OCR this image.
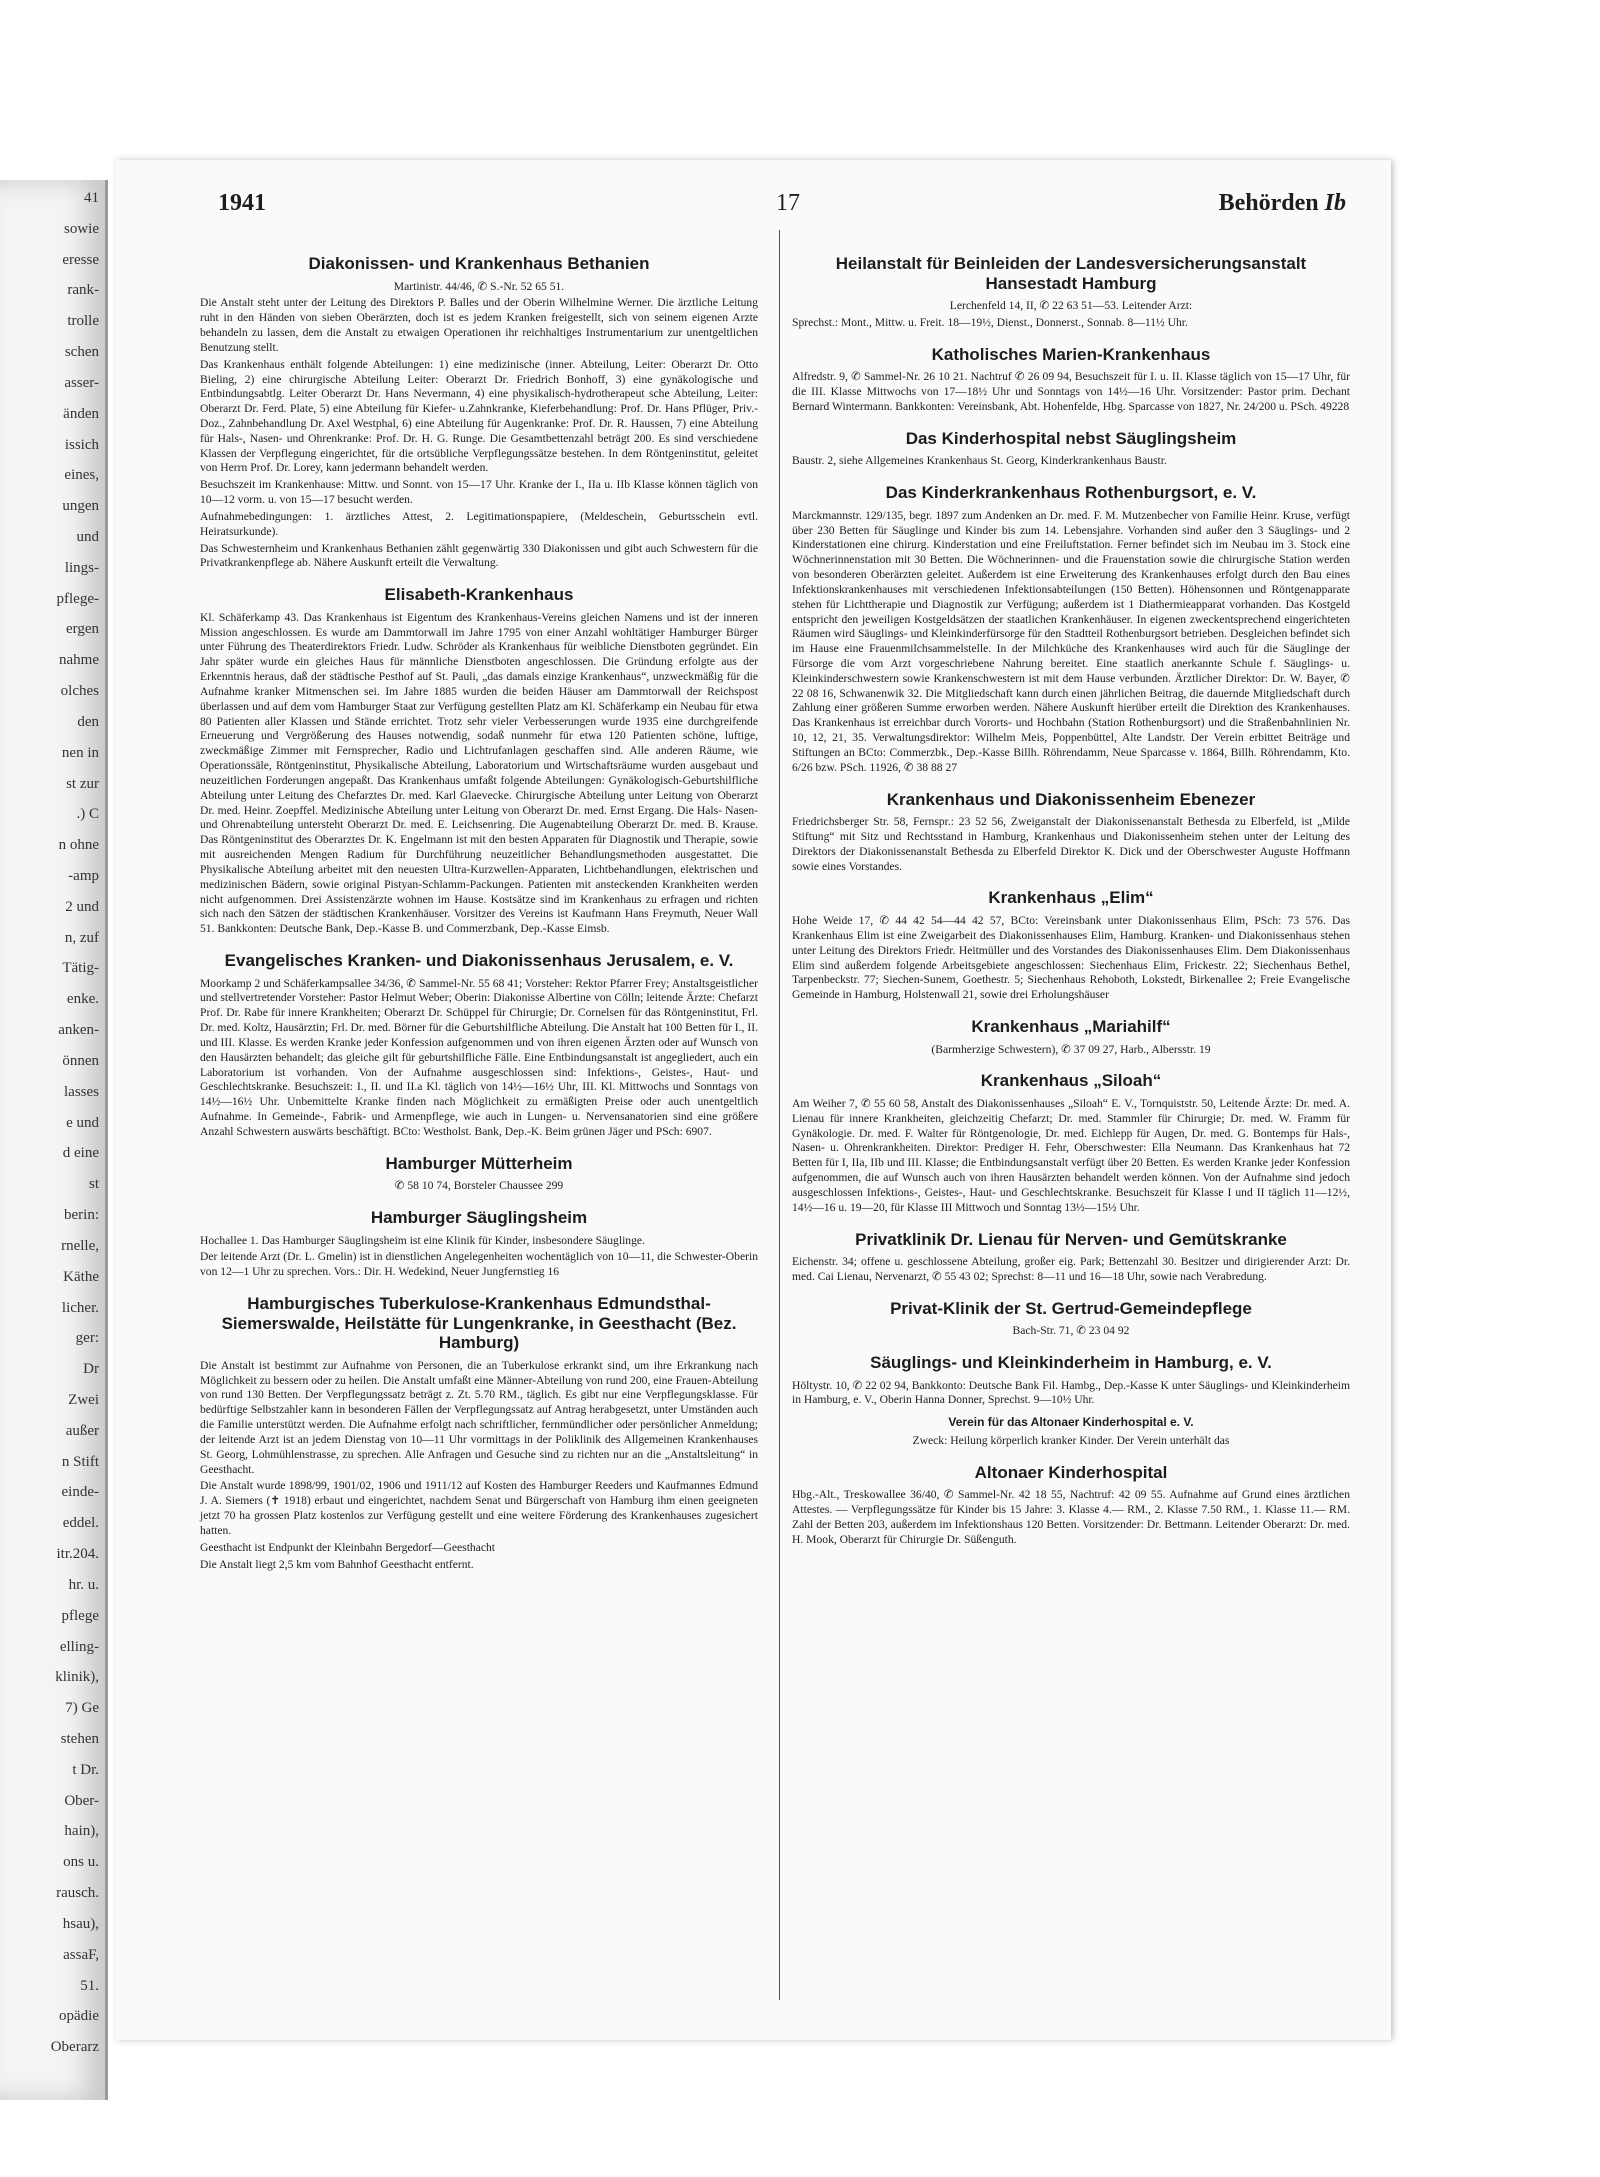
41
sowie
eresse
rank-
trolle
schen
asser-
änden
issich
eines,
ungen
und
lings-
pflege-
ergen
nahme
olches
den
nen in
st zur
.) C
n ohne
-amp
2 und
n, zuf
Tätig-
enke.
anken-
önnen
lasses
e und
d eine
st
berin:
rnelle,
Käthe
licher.
ger:
Dr
Zwei
außer
n Stift
einde-
eddel.
itr.204.
hr. u.
pflege
elling-
klinik),
7) Ge
stehen
t Dr.
Ober-
hain),
ons u.
rausch.
hsau),
assaF,
51.
opädie
Oberarz
1941	17	Behörden Ib
Diakonissen- und Krankenhaus Bethanien
Martinistr. 44/46, ✆ S.-Nr. 52 65 51.

Die Anstalt steht unter der Leitung des Direktors P. Balles und der Oberin Wilhelmine Werner. Die ärztliche Leitung ruht in den Händen von sieben Oberärzten, doch ist es jedem Kranken freigestellt, sich von seinem eigenen Arzte behandeln zu lassen, dem die Anstalt zu etwaigen Operationen ihr reichhaltiges Instrumentarium zur unentgeltlichen Benutzung stellt.

Das Krankenhaus enthält folgende Abteilungen: 1) eine medizinische (inner. Abteilung, Leiter: Oberarzt Dr. Otto Bieling, 2) eine chirurgische Abteilung Leiter: Oberarzt Dr. Friedrich Bonhoff, 3) eine gynäkologische und Entbindungsabtlg. Leiter Oberarzt Dr. Hans Nevermann, 4) eine physikalisch-hydrotherapeut sche Abteilung, Leiter: Oberarzt Dr. Ferd. Plate, 5) eine Abteilung für Kiefer- u.Zahnkranke, Kieferbehandlung: Prof. Dr. Hans Pflüger, Priv.-Doz., Zahnbehandlung Dr. Axel Westphal, 6) eine Abteilung für Augenkranke: Prof. Dr. R. Haussen, 7) eine Abteilung für Hals-, Nasen- und Ohrenkranke: Prof. Dr. H. G. Runge. Die Gesamtbettenzahl beträgt 200. Es sind verschiedene Klassen der Verpflegung eingerichtet, für die ortsübliche Verpflegungssätze bestehen. In dem Röntgeninstitut, geleitet von Herrn Prof. Dr. Lorey, kann jedermann behandelt werden.

Besuchszeit im Krankenhause: Mittw. und Sonnt. von 15—17 Uhr. Kranke der I., IIa u. IIb Klasse können täglich von 10—12 vorm. u. von 15—17 besucht werden.

Aufnahmebedingungen: 1. ärztliches Attest, 2. Legitimationspapiere, (Meldeschein, Geburtsschein evtl. Heiratsurkunde).

Das Schwesternheim und Krankenhaus Bethanien zählt gegenwärtig 330 Diakonissen und gibt auch Schwestern für die Privatkrankenpflege ab. Nähere Auskunft erteilt die Verwaltung.

Elisabeth-Krankenhaus

Kl. Schäferkamp 43. Das Krankenhaus ist Eigentum des Krankenhaus-Vereins gleichen Namens und ist der inneren Mission angeschlossen. Es wurde am Dammtorwall im Jahre 1795 von einer Anzahl wohltätiger Hamburger Bürger unter Führung des Theaterdirektors Friedr. Ludw. Schröder als Krankenhaus für weibliche Dienstboten gegründet. Ein Jahr später wurde ein gleiches Haus für männliche Dienstboten angeschlossen. Die Gründung erfolgte aus der Erkenntnis heraus, daß der städtische Pesthof auf St. Pauli, „das damals einzige Krankenhaus“, unzweckmäßig für die Aufnahme kranker Mitmenschen sei. Im Jahre 1885 wurden die beiden Häuser am Dammtorwall der Reichspost überlassen und auf dem vom Hamburger Staat zur Verfügung gestellten Platz am Kl. Schäferkamp ein Neubau für etwa 80 Patienten aller Klassen und Stände errichtet. Trotz sehr vieler Verbesserungen wurde 1935 eine durchgreifende Erneuerung und Vergrößerung des Hauses notwendig, sodaß nunmehr für etwa 120 Patienten schöne, luftige, zweckmäßige Zimmer mit Fernsprecher, Radio und Lichtrufanlagen geschaffen sind. Alle anderen Räume, wie Operationssäle, Röntgeninstitut, Physikalische Abteilung, Laboratorium und Wirtschaftsräume wurden ausgebaut und neuzeitlichen Forderungen angepaßt. Das Krankenhaus umfaßt folgende Abteilungen: Gynäkologisch-Geburtshilfliche Abteilung unter Leitung des Chefarztes Dr. med. Karl Glaevecke. Chirurgische Abteilung unter Leitung von Oberarzt Dr. med. Heinr. Zoepffel. Medizinische Abteilung unter Leitung von Oberarzt Dr. med. Ernst Ergang. Die Hals- Nasen- und Ohrenabteilung untersteht Oberarzt Dr. med. E. Leichsenring. Die Augenabteilung Oberarzt Dr. med. B. Krause. Das Röntgeninstitut des Oberarztes Dr. K. Engelmann ist mit den besten Apparaten für Diagnostik und Therapie, sowie mit ausreichenden Mengen Radium für Durchführung neuzeitlicher Behandlungsmethoden ausgestattet. Die Physikalische Abteilung arbeitet mit den neuesten Ultra-Kurzwellen-Apparaten, Lichtbehandlungen, elektrischen und medizinischen Bädern, sowie original Pistyan-Schlamm-Packungen. Patienten mit ansteckenden Krankheiten werden nicht aufgenommen. Drei Assistenzärzte wohnen im Hause. Kostsätze sind im Krankenhaus zu erfragen und richten sich nach den Sätzen der städtischen Krankenhäuser. Vorsitzer des Vereins ist Kaufmann Hans Freymuth, Neuer Wall 51. Bankkonten: Deutsche Bank, Dep.-Kasse B. und Commerzbank, Dep.-Kasse Eimsb.

Evangelisches Kranken- und Diakonissenhaus Jerusalem, e. V.

Moorkamp 2 und Schäferkampsallee 34/36, ✆ Sammel-Nr. 55 68 41; Vorsteher: Rektor Pfarrer Frey; Anstaltsgeistlicher und stellvertretender Vorsteher: Pastor Helmut Weber; Oberin: Diakonisse Albertine von Cölln; leitende Ärzte: Chefarzt Prof. Dr. Rabe für innere Krankheiten; Oberarzt Dr. Schüppel für Chirurgie; Dr. Cornelsen für das Röntgeninstitut, Frl. Dr. med. Koltz, Hausärztin; Frl. Dr. med. Börner für die Geburtshilfliche Abteilung. Die Anstalt hat 100 Betten für I., II. und III. Klasse. Es werden Kranke jeder Konfession aufgenommen und von ihren eigenen Ärzten oder auf Wunsch von den Hausärzten behandelt; das gleiche gilt für geburtshilfliche Fälle. Eine Entbindungsanstalt ist angegliedert, auch ein Laboratorium ist vorhanden. Von der Aufnahme ausgeschlossen sind: Infektions-, Geistes-, Haut- und Geschlechtskranke. Besuchszeit: I., II. und II.a Kl. täglich von 14½—16½ Uhr, III. Kl. Mittwochs und Sonntags von 14½—16½ Uhr. Unbemittelte Kranke finden nach Möglichkeit zu ermäßigten Preise oder auch unentgeltlich Aufnahme. In Gemeinde-, Fabrik- und Armenpflege, wie auch in Lungen- u. Nervensanatorien sind eine größere Anzahl Schwestern auswärts beschäftigt. BCto: Westholst. Bank, Dep.-K. Beim grünen Jäger und PSch: 6907.

Hamburger Mütterheim
✆ 58 10 74, Borsteler Chaussee 299
Hamburger Säuglingsheim

Hochallee 1. Das Hamburger Säuglingsheim ist eine Klinik für Kinder, insbesondere Säuglinge.

Der leitende Arzt (Dr. L. Gmelin) ist in dienstlichen Angelegenheiten wochentäglich von 10—11, die Schwester-Oberin von 12—1 Uhr zu sprechen. Vors.: Dir. H. Wedekind, Neuer Jungfernstieg 16

Hamburgisches Tuberkulose-Krankenhaus Edmundsthal-Siemerswalde, Heilstätte für Lungenkranke, in Geesthacht (Bez. Hamburg)

Die Anstalt ist bestimmt zur Aufnahme von Personen, die an Tuberkulose erkrankt sind, um ihre Erkrankung nach Möglichkeit zu bessern oder zu heilen. Die Anstalt umfaßt eine Männer-Abteilung von rund 200, eine Frauen-Abteilung von rund 130 Betten. Der Verpflegungssatz beträgt z. Zt. 5.70 RM., täglich. Es gibt nur eine Verpflegungsklasse. Für bedürftige Selbstzahler kann in besonderen Fällen der Verpflegungssatz auf Antrag herabgesetzt, unter Umständen auch die Familie unterstützt werden. Die Aufnahme erfolgt nach schriftlicher, fernmündlicher oder persönlicher Anmeldung; der leitende Arzt ist an jedem Dienstag von 10—11 Uhr vormittags in der Poliklinik des Allgemeinen Krankenhauses St. Georg, Lohmühlenstrasse, zu sprechen. Alle Anfragen und Gesuche sind zu richten nur an die „Anstaltsleitung“ in Geesthacht.

Die Anstalt wurde 1898/99, 1901/02, 1906 und 1911/12 auf Kosten des Hamburger Reeders und Kaufmannes Edmund J. A. Siemers (✝ 1918) erbaut und eingerichtet, nachdem Senat und Bürgerschaft von Hamburg ihm einen geeigneten jetzt 70 ha grossen Platz kostenlos zur Verfügung gestellt und eine weitere Förderung des Krankenhauses zugesichert hatten.

Geesthacht ist Endpunkt der Kleinbahn Bergedorf—Geesthacht

Die Anstalt liegt 2,5 km vom Bahnhof Geesthacht entfernt.

Heilanstalt für Beinleiden der Landesversicherungsanstalt Hansestadt Hamburg
Lerchenfeld 14, II, ✆ 22 63 51—53. Leitender Arzt:

Sprechst.: Mont., Mittw. u. Freit. 18—19½, Dienst., Donnerst., Sonnab. 8—11½ Uhr.

Katholisches Marien-Krankenhaus

Alfredstr. 9, ✆ Sammel-Nr. 26 10 21. Nachtruf ✆ 26 09 94, Besuchszeit für I. u. II. Klasse täglich von 15—17 Uhr, für die III. Klasse Mittwochs von 17—18½ Uhr und Sonntags von 14½—16 Uhr. Vorsitzender: Pastor prim. Dechant Bernard Wintermann. Bankkonten: Vereinsbank, Abt. Hohenfelde, Hbg. Sparcasse von 1827, Nr. 24/200 u. PSch. 49228

Das Kinderhospital nebst Säuglingsheim

Baustr. 2, siehe Allgemeines Krankenhaus St. Georg, Kinderkrankenhaus Baustr.

Das Kinderkrankenhaus Rothenburgsort, e. V.

Marckmannstr. 129/135, begr. 1897 zum Andenken an Dr. med. F. M. Mutzenbecher von Familie Heinr. Kruse, verfügt über 230 Betten für Säuglinge und Kinder bis zum 14. Lebensjahre. Vorhanden sind außer den 3 Säuglings- und 2 Kinderstationen eine chirurg. Kinderstation und eine Freiluftstation. Ferner befindet sich im Neubau im 3. Stock eine Wöchnerinnenstation mit 30 Betten. Die Wöchnerinnen- und die Frauenstation sowie die chirurgische Station werden von besonderen Oberärzten geleitet. Außerdem ist eine Erweiterung des Krankenhauses erfolgt durch den Bau eines Infektionskrankenhauses mit verschiedenen Infektionsabteilungen (150 Betten). Höhensonnen und Röntgenapparate stehen für Lichttherapie und Diagnostik zur Verfügung; außerdem ist 1 Diathermieapparat vorhanden. Das Kostgeld entspricht den jeweiligen Kostgeldsätzen der staatlichen Krankenhäuser. In eigenen zweckentsprechend eingerichteten Räumen wird Säuglings- und Kleinkinderfürsorge für den Stadtteil Rothenburgsort betrieben. Desgleichen befindet sich im Hause eine Frauenmilchsammelstelle. In der Milchküche des Krankenhauses wird auch für die Säuglinge der Fürsorge die vom Arzt vorgeschriebene Nahrung bereitet. Eine staatlich anerkannte Schule f. Säuglings- u. Kleinkinderschwestern sowie Krankenschwestern ist mit dem Hause verbunden. Ärztlicher Direktor: Dr. W. Bayer, ✆ 22 08 16, Schwanenwik 32. Die Mitgliedschaft kann durch einen jährlichen Beitrag, die dauernde Mitgliedschaft durch Zahlung einer größeren Summe erworben werden. Nähere Auskunft hierüber erteilt die Direktion des Krankenhauses. Das Krankenhaus ist erreichbar durch Vororts- und Hochbahn (Station Rothenburgsort) und die Straßenbahnlinien Nr. 10, 12, 21, 35. Verwaltungsdirektor: Wilhelm Meis, Poppenbüttel, Alte Landstr. Der Verein erbittet Beiträge und Stiftungen an BCto: Commerzbk., Dep.-Kasse Billh. Röhrendamm, Neue Sparcasse v. 1864, Billh. Röhrendamm, Kto. 6/26 bzw. PSch. 11926, ✆ 38 88 27

Krankenhaus und Diakonissenheim Ebenezer

Friedrichsberger Str. 58, Fernspr.: 23 52 56, Zweiganstalt der Diakonissenanstalt Bethesda zu Elberfeld, ist „Milde Stiftung“ mit Sitz und Rechtsstand in Hamburg, Krankenhaus und Diakonissenheim stehen unter der Leitung des Direktors der Diakonissenanstalt Bethesda zu Elberfeld Direktor K. Dick und der Oberschwester Auguste Hoffmann sowie eines Vorstandes.

Krankenhaus „Elim“

Hohe Weide 17, ✆ 44 42 54—44 42 57, BCto: Vereinsbank unter Diakonissenhaus Elim, PSch: 73 576. Das Krankenhaus Elim ist eine Zweigarbeit des Diakonissenhauses Elim, Hamburg. Kranken- und Diakonissenhaus stehen unter Leitung des Direktors Friedr. Heitmüller und des Vorstandes des Diakonissenhauses Elim. Dem Diakonissenhaus Elim sind außerdem folgende Arbeitsgebiete angeschlossen: Siechenhaus Elim, Frickestr. 22; Siechenhaus Bethel, Tarpenbeckstr. 77; Siechen-Sunem, Goethestr. 5; Siechenhaus Rehoboth, Lokstedt, Birkenallee 2; Freie Evangelische Gemeinde in Hamburg, Holstenwall 21, sowie drei Erholungshäuser

Krankenhaus „Mariahilf“
(Barmherzige Schwestern), ✆ 37 09 27, Harb., Albersstr. 19
Krankenhaus „Siloah“

Am Weiher 7, ✆ 55 60 58, Anstalt des Diakonissenhauses „Siloah“ E. V., Tornquiststr. 50, Leitende Ärzte: Dr. med. A. Lienau für innere Krankheiten, gleichzeitig Chefarzt; Dr. med. Stammler für Chirurgie; Dr. med. W. Framm für Gynäkologie. Dr. med. F. Walter für Röntgenologie, Dr. med. Eichlepp für Augen, Dr. med. G. Bontemps für Hals-, Nasen- u. Ohrenkrankheiten. Direktor: Prediger H. Fehr, Oberschwester: Ella Neumann. Das Krankenhaus hat 72 Betten für I, IIa, IIb und III. Klasse; die Entbindungsanstalt verfügt über 20 Betten. Es werden Kranke jeder Konfession aufgenommen, die auf Wunsch auch von ihren Hausärzten behandelt werden können. Von der Aufnahme sind jedoch ausgeschlossen Infektions-, Geistes-, Haut- und Geschlechtskranke. Besuchszeit für Klasse I und II täglich 11—12½, 14½—16 u. 19—20, für Klasse III Mittwoch und Sonntag 13½—15½ Uhr.

Privatklinik Dr. Lienau für Nerven- und Gemütskranke

Eichenstr. 34; offene u. geschlossene Abteilung, großer eig. Park; Bettenzahl 30. Besitzer und dirigierender Arzt: Dr. med. Cai Lienau, Nervenarzt, ✆ 55 43 02; Sprechst: 8—11 und 16—18 Uhr, sowie nach Verabredung.

Privat-Klinik der St. Gertrud-Gemeindepflege
Bach-Str. 71, ✆ 23 04 92
Säuglings- und Kleinkinderheim in Hamburg, e. V.

Höltystr. 10, ✆ 22 02 94, Bankkonto: Deutsche Bank Fil. Hambg., Dep.-Kasse K unter Säuglings- und Kleinkinderheim in Hamburg, e. V., Oberin Hanna Donner, Sprechst. 9—10½ Uhr.

Verein für das Altonaer Kinderhospital e. V.
Zweck: Heilung körperlich kranker Kinder. Der Verein unterhält das
Altonaer Kinderhospital

Hbg.-Alt., Treskowallee 36/40, ✆ Sammel-Nr. 42 18 55, Nachtruf: 42 09 55. Aufnahme auf Grund eines ärztlichen Attestes. — Verpflegungssätze für Kinder bis 15 Jahre: 3. Klasse 4.— RM., 2. Klasse 7.50 RM., 1. Klasse 11.— RM. Zahl der Betten 203, außerdem im Infektionshaus 120 Betten. Vorsitzender: Dr. Bettmann. Leitender Oberarzt: Dr. med. H. Mook, Oberarzt für Chirurgie Dr. Süßenguth.
